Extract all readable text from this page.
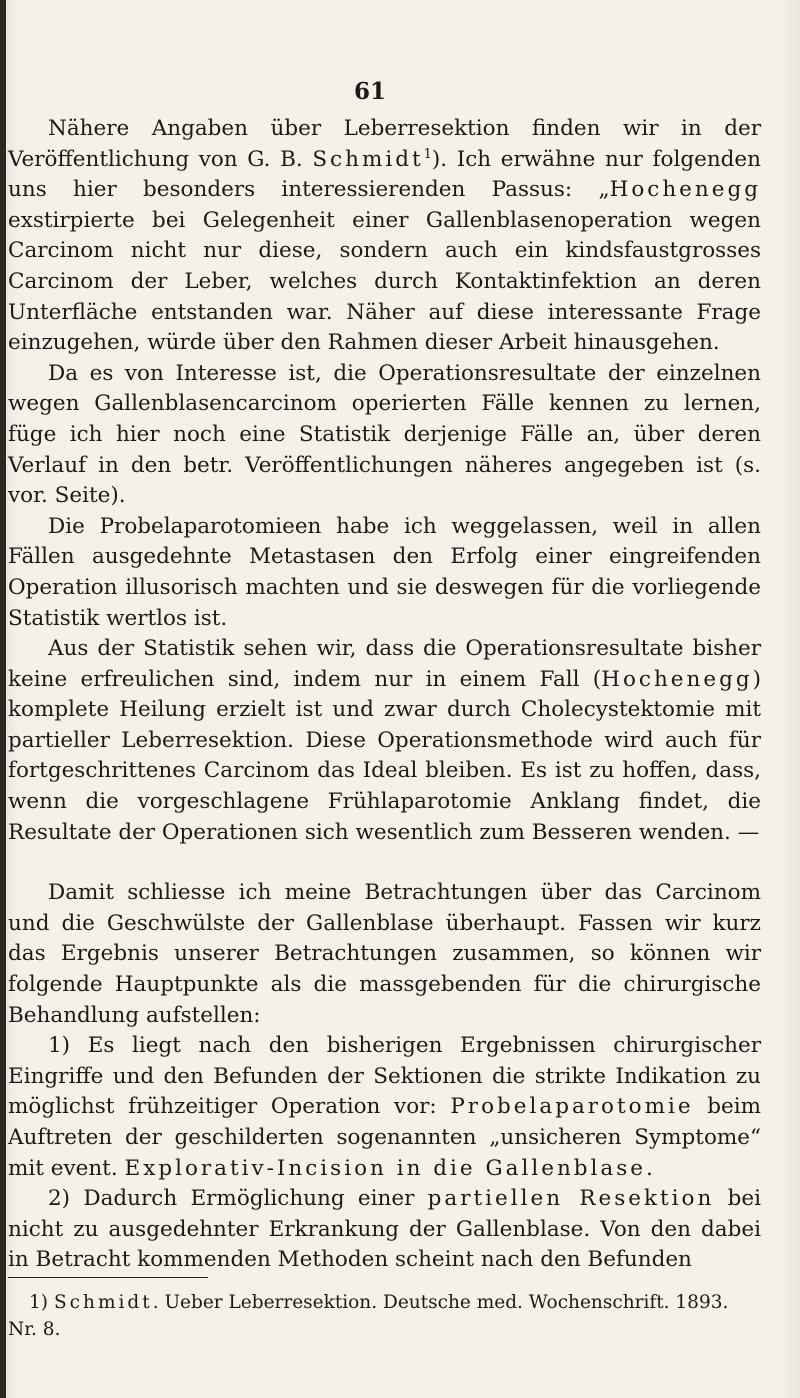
61

Nähere Angaben über Leberresektion finden wir in der Veröffentlichung von G. B. Schmidt$^1$). Ich erwähne nur folgenden uns hier besonders interessierenden Passus: „Hochenegg exstirpierte bei Gelegenheit einer Gallenblasenoperation wegen Carcinom nicht nur diese, sondern auch ein kindsfaustgrosses Carcinom der Leber, welches durch Kontaktinfektion an deren Unterfläche entstanden war. Näher auf diese interessante Frage einzugehen, würde über den Rahmen dieser Arbeit hinausgehen.

Da es von Interesse ist, die Operationsresultate der einzelnen wegen Gallenblasencarcinom operierten Fälle kennen zu lernen, füge ich hier noch eine Statistik derjenige Fälle an, über deren Verlauf in den betr. Veröffentlichungen näheres angegeben ist (s. vor. Seite).

Die Probelaparotomieen habe ich weggelassen, weil in allen Fällen ausgedehnte Metastasen den Erfolg einer eingreifenden Operation illusorisch machten und sie deswegen für die vorliegende Statistik wertlos ist.

Aus der Statistik sehen wir, dass die Operationsresultate bisher keine erfreulichen sind, indem nur in einem Fall (Hochenegg) komplete Heilung erzielt ist und zwar durch Cholecystektomie mit partieller Leberresektion. Diese Operationsmethode wird auch für fortgeschrittenes Carcinom das Ideal bleiben. Es ist zu hoffen, dass, wenn die vorgeschlagene Frühlaparotomie Anklang findet, die Resultate der Operationen sich wesentlich zum Besseren wenden. —

Damit schliesse ich meine Betrachtungen über das Carcinom und die Geschwülste der Gallenblase überhaupt. Fassen wir kurz das Ergebnis unserer Betrachtungen zusammen, so können wir folgende Hauptpunkte als die massgebenden für die chirurgische Behandlung aufstellen:

1) Es liegt nach den bisherigen Ergebnissen chirurgischer Eingriffe und den Befunden der Sektionen die strikte Indikation zu möglichst frühzeitiger Operation vor: Probelaparotomie beim Auftreten der geschilderten sogenannten „unsicheren Symptome“ mit event. Explorativ-Incision in die Gallenblase.

2) Dadurch Ermöglichung einer partiellen Resektion bei nicht zu ausgedehnter Erkrankung der Gallenblase. Von den dabei in Betracht kommenden Methoden scheint nach den Befunden

1) Schmidt. Ueber Leberresektion. Deutsche med. Wochenschrift. 1893. Nr. 8.
